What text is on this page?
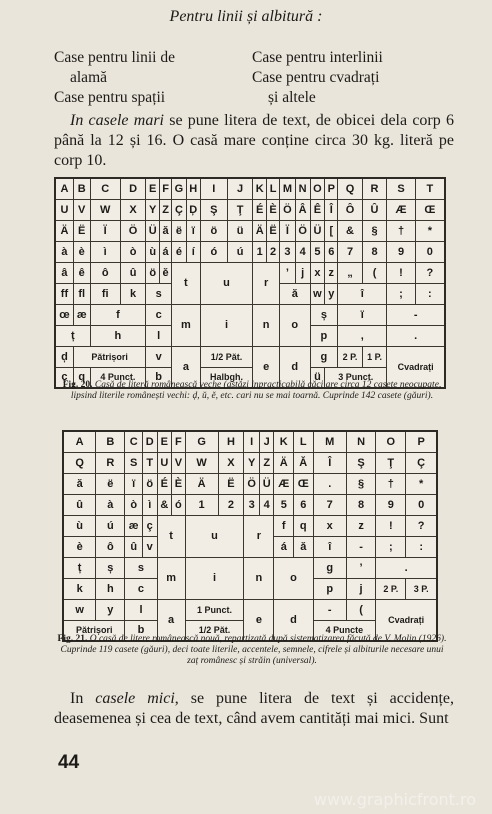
Pentru linii și albitură :
Case pentru linii de	Case pentru interlinii
alamă	Case pentru cvadrați
Case pentru spații	și altele
In casele mari se pune litera de text, de obicei dela corp 6 până la 12 și 16. O casă mare conține circa 30 kg. literă pe corp 10.
A	B	C	D	E	F	G	H	I	J	K	L	M	N	O	P	Q	R	S	T
U	V	W	X	Y	Z	Ç	Ḑ	Ş	Ţ	É	È	Ö	Â	Ê	Î	Ô	Û	Æ	Œ
Ä	Ë	Ï	Ö	Ü	ă	ë	ï	ö	ü	Ä	Ë	Ï	Ö	Ü	[	&	§	†	*
à	è	ì	ò	ù	á	é	í	ó	ú	1	2	3	4	5	6	7	8	9	0
â	ê	ô	û	ö	ĕ	t		u		r		’	j	x	z	„	(	!	?
ff	fl	fi	k	s								ă		w	y	î		;	:
œ	æ	f		c		m		i		n		o		ș		ï		-	
ț		h		l										p		,		.	
ḑ	Pătrișori			v		a		1/2 Păt.		e		d		g		2 P.	1 P.	Cvadrați	
ç	q	4 Punct.		b				Halbgh.						ü	3 Punct.				
Fig. 20. Casă de literă românească veche (astăzi inpracticabilă căci are circa 12 casete neocupate, lipsind literile românești vechi: ḑ, ŭ, ĕ, etc. cari nu se mai toarnă. Cuprinde 142 casete (găuri).
A	B	C	D	E	F	G	H	I	J	K	L	M	N	O	P
Q	R	S	T	U	V	W	X	Y	Z	Ä	Ă	Î	Ş	Ţ	Ç
ă	ë	ï	ö	É	È	Ä	Ë	Ö	Ü	Æ	Œ	.	§	†	*
û	à	ò	ì	&	ó	1	2	3	4	5	6	7	8	9	0
ù	ú	æ	ç	t		u		r		f	q	x	z	!	?
è	ô	û	v							á	ă	î	-	;	:
ț	ș	s		m		i		n		o		g	’	.	
k	h	c										p	j	2 P.	3 P.
w	y	l		a		1 Punct.		e		d		-	(	Cvadrați	
Pătrișori		b				1/2 Păt.						4 Puncte			
Fig. 21. O casă de litere românească nouă, repartizată după sistematizarea făcută de V. Molin (1926). Cuprinde 119 casete (găuri), deci toate literile, accentele, semnele, cifrele și albiturile necesare unui zaț românesc și străin (universal).
In casele mici, se pune litera de text și accidențe, deasemenea și cea de text, când avem cantități mai mici. Sunt
44
www.graphicfront.ro
